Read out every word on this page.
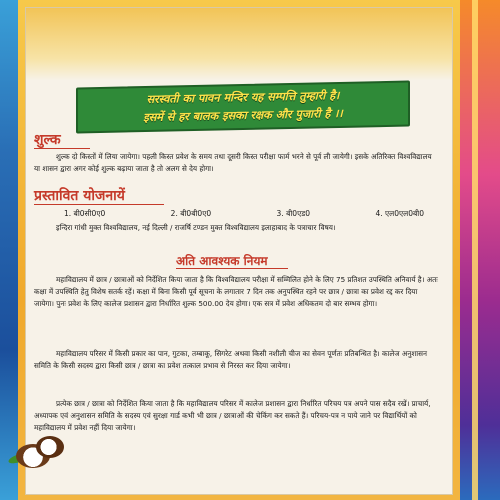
सरस्वती का पावन मन्दिर यह सम्पत्ति तुम्हारी है।
इसमें से हर बालक इसका रक्षक और पुजारी है ।।
शुल्क

शुल्क दो किस्तों में लिया जायेगा। पहली किस्त प्रवेश के समय तथा दूसरी किस्त परीक्षा फार्म भरने से पूर्व ली जायेगी। इसके अतिरिक्त विश्वविद्यालय या शासन द्वारा अगर कोई शुल्क बढ़ाया जाता है तो अलग से देय होगा।

प्रस्तावित योजनायें
1. बी0सी0ए0	2. बी0बी0ए0	3. बी0एड0	4. एल0एल0बी0

इन्दिरा गांधी मुक्त विश्वविद्यालय, नई दिल्ली / राजर्षि टण्डन मुक्त विश्वविद्यालय इलाहाबाद के पत्राचार विषय।

अति आवश्यक नियम

महाविद्यालय में छात्र / छात्राओं को निर्देशित किया जाता है कि विश्वविद्यालय परीक्षा में सम्मिलित होने के लिए 75 प्रतिशत उपस्थिति अनिवार्य है। अतः कक्षा में उपस्थिति हेतु विशेष सतर्क रहें। कक्षा में बिना किसी पूर्व सूचना के लगातार 7 दिन तक अनुपस्थित रहने पर छात्र / छात्रा का प्रवेश रद्द कर दिया जायेगा। पुनः प्रवेश के लिए कालेज प्रशासन द्वारा निर्धारित शुल्क 500.00 देय होगा। एक सत्र में प्रवेश अधिकतम दो बार सम्भव होगा।

महाविद्यालय परिसर में किसी प्रकार का पान, गुटका, तम्बाकू, सिगरेट अथवा किसी नशीली चीज का सेवन पूर्णतः प्रतिबन्धित है। कालेज अनुशासन समिति के किसी सदस्य द्वारा किसी छात्र / छात्रा का प्रवेश तत्काल प्रभाव से निरस्त कर दिया जायेगा।

प्रत्येक छात्र / छात्रा को निर्देशित किया जाता है कि महाविद्यालय परिसर में कालेज प्रशासन द्वारा निर्धारित परिचय पत्र अपने पास सदैव रखें। प्राचार्य, अध्यापक एवं अनुशासन समिति के सदस्य एवं सुरक्षा गार्ड कभी भी छात्र / छात्राओं की चेकिंग कर सकते हैं। परिचय-पत्र न पाये जाने पर विद्यार्थियों को महाविद्यालय में प्रवेश नहीं दिया जायेगा।
